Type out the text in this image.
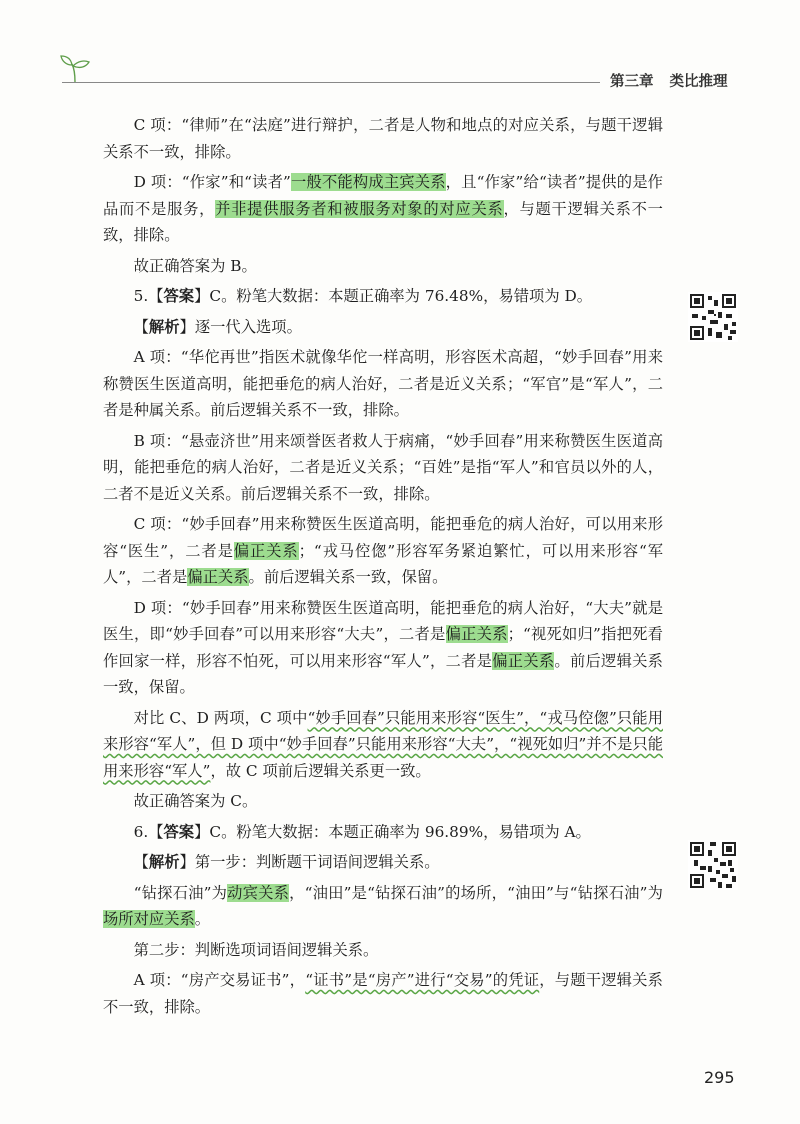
第三章 类比推理

C 项：“律师”在“法庭”进行辩护，二者是人物和地点的对应关系，与题干逻辑关系不一致，排除。

D 项：“作家”和“读者”一般不能构成主宾关系，且“作家”给“读者”提供的是作品而不是服务，并非提供服务者和被服务对象的对应关系，与题干逻辑关系不一致，排除。

故正确答案为 B。

5.【答案】C。粉笔大数据：本题正确率为 76.48%，易错项为 D。

【解析】逐一代入选项。

A 项：“华佗再世”指医术就像华佗一样高明，形容医术高超，“妙手回春”用来称赞医生医道高明，能把垂危的病人治好，二者是近义关系；“军官”是“军人”，二者是种属关系。前后逻辑关系不一致，排除。

B 项：“悬壶济世”用来颂誉医者救人于病痛，“妙手回春”用来称赞医生医道高明，能把垂危的病人治好，二者是近义关系；“百姓”是指“军人”和官员以外的人，二者不是近义关系。前后逻辑关系不一致，排除。

C 项：“妙手回春”用来称赞医生医道高明，能把垂危的病人治好，可以用来形容“医生”，二者是偏正关系；“戎马倥偬”形容军务紧迫繁忙，可以用来形容“军人”，二者是偏正关系。前后逻辑关系一致，保留。

D 项：“妙手回春”用来称赞医生医道高明，能把垂危的病人治好，“大夫”就是医生，即“妙手回春”可以用来形容“大夫”，二者是偏正关系；“视死如归”指把死看作回家一样，形容不怕死，可以用来形容“军人”，二者是偏正关系。前后逻辑关系一致，保留。

对比 C、D 两项，C 项中“妙手回春”只能用来形容“医生”，“戎马倥偬”只能用来形容“军人”，但 D 项中“妙手回春”只能用来形容“大夫”，“视死如归”并不是只能用来形容“军人”，故 C 项前后逻辑关系更一致。

故正确答案为 C。

6.【答案】C。粉笔大数据：本题正确率为 96.89%，易错项为 A。

【解析】第一步：判断题干词语间逻辑关系。

“钻探石油”为动宾关系，“油田”是“钻探石油”的场所，“油田”与“钻探石油”为场所对应关系。

第二步：判断选项词语间逻辑关系。

A 项：“房产交易证书”，“证书”是“房产”进行“交易”的凭证，与题干逻辑关系不一致，排除。

295
